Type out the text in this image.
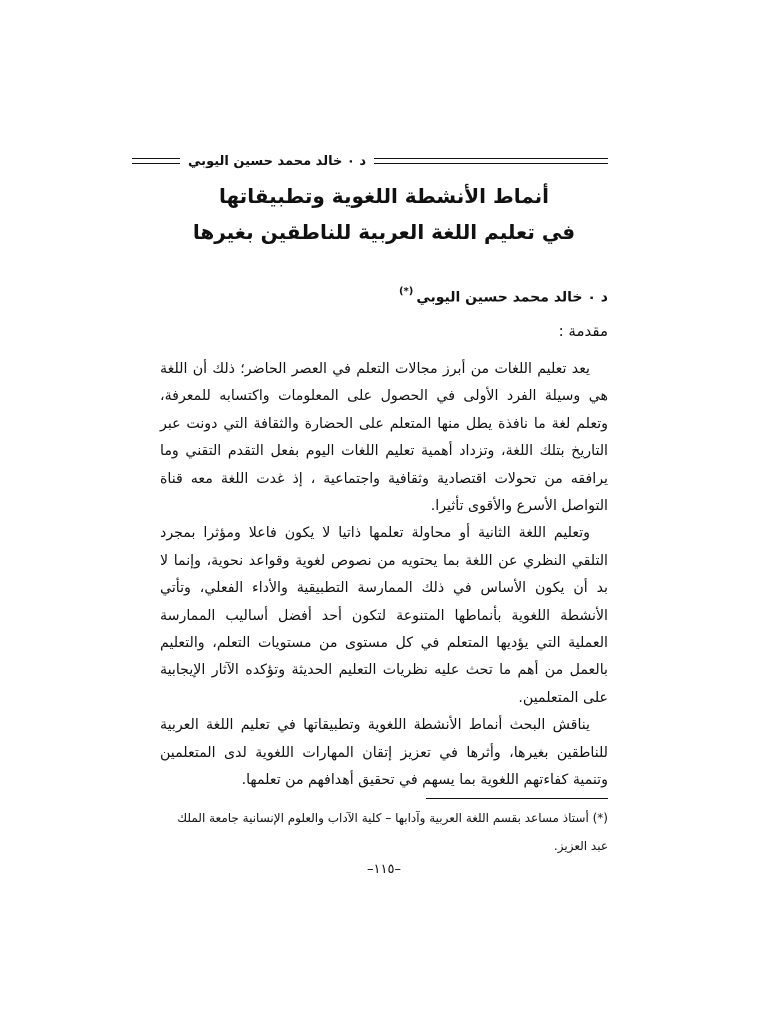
د ٠ خالد محمد حسين اليوبي
أنماط الأنشطة اللغوية وتطبيقاتها
في تعليم اللغة العربية للناطقين بغيرها
د ٠ خالد محمد حسين اليوبي(*)
مقدمة :

يعد تعليم اللغات من أبرز مجالات التعلم في العصر الحاضر؛ ذلك أن اللغة هي وسيلة الفرد الأولى في الحصول على المعلومات واكتسابه للمعرفة، وتعلم لغة ما نافذة يطل منها المتعلم على الحضارة والثقافة التي دونت عبر التاريخ بتلك اللغة، وتزداد أهمية تعليم اللغات اليوم بفعل التقدم التقني وما يرافقه من تحولات اقتصادية وثقافية واجتماعية ، إذ غدت اللغة معه قناة التواصل الأسرع والأقوى تأثيرا.

وتعليم اللغة الثانية أو محاولة تعلمها ذاتيا لا يكون فاعلا ومؤثرا بمجرد التلقي النظري عن اللغة بما يحتويه من نصوص لغوية وقواعد نحوية، وإنما لا بد أن يكون الأساس في ذلك الممارسة التطبيقية والأداء الفعلي، وتأتي الأنشطة اللغوية بأنماطها المتنوعة لتكون أحد أفضل أساليب الممارسة العملية التي يؤديها المتعلم في كل مستوى من مستويات التعلم، والتعليم بالعمل من أهم ما تحث عليه نظريات التعليم الحديثة وتؤكده الآثار الإيجابية على المتعلمين.

يناقش البحث أنماط الأنشطة اللغوية وتطبيقاتها في تعليم اللغة العربية للناطقين بغيرها، وأثرها في تعزيز إتقان المهارات اللغوية لدى المتعلمين وتنمية كفاءتهم اللغوية بما يسهم في تحقيق أهدافهم من تعلمها.

(*) أستاذ مساعد بقسم اللغة العربية وآدابها – كلية الآداب والعلوم الإنسانية جامعة الملك
عبد العزيز.
–١١٥–
